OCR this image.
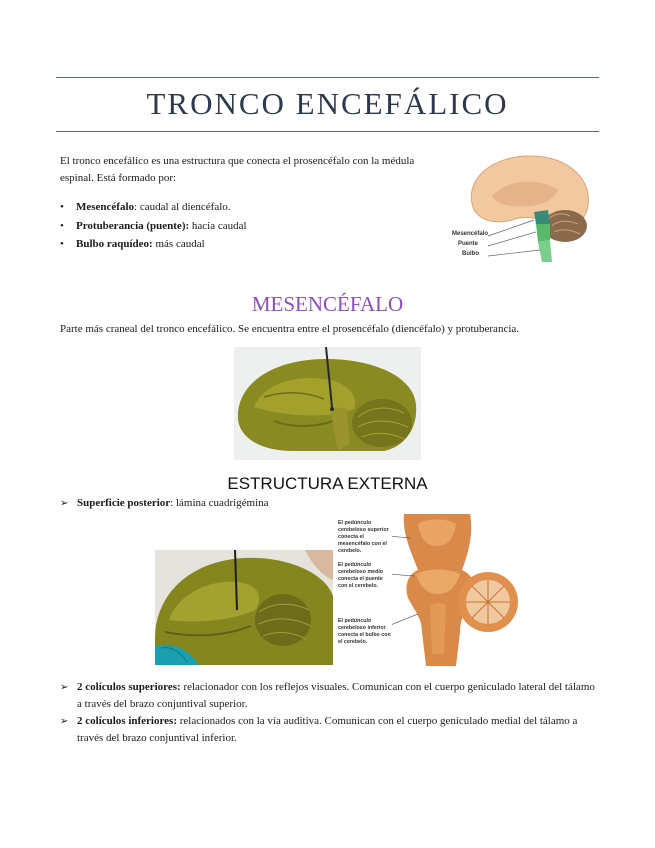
TRONCO ENCEFÁLICO
El tronco encefálico es una estructura que conecta el prosencéfalo con la médula espinal. Está formado por:
• Mesencéfalo: caudal al diencéfalo.
• Protuberancia (puente): hacia caudal
• Bulbo raquídeo: más caudal
Mesencéfalo
Puente
Bulbo
MESENCÉFALO
Parte más craneal del tronco encefálico. Se encuentra entre el prosencéfalo (diencéfalo) y protuberancia.
ESTRUCTURA EXTERNA
➢ Superficie posterior: lámina cuadrigémina
El pedúnculo cerebeloso superior conecta el mesencéfalo con el cerebelo.
El pedúnculo cerebeloso medio conecta el puente con el cerebelo.
El pedúnculo cerebeloso inferior conecta el bulbo con el cerebelo.
➢ 2 colículos superiores: relacionador con los reflejos visuales. Comunican con el cuerpo geniculado lateral del tálamo a través del brazo conjuntival superior.
➢ 2 colículos inferiores: relacionados con la vía auditiva. Comunican con el cuerpo geniculado medial del tálamo a través del brazo conjuntival inferior.
